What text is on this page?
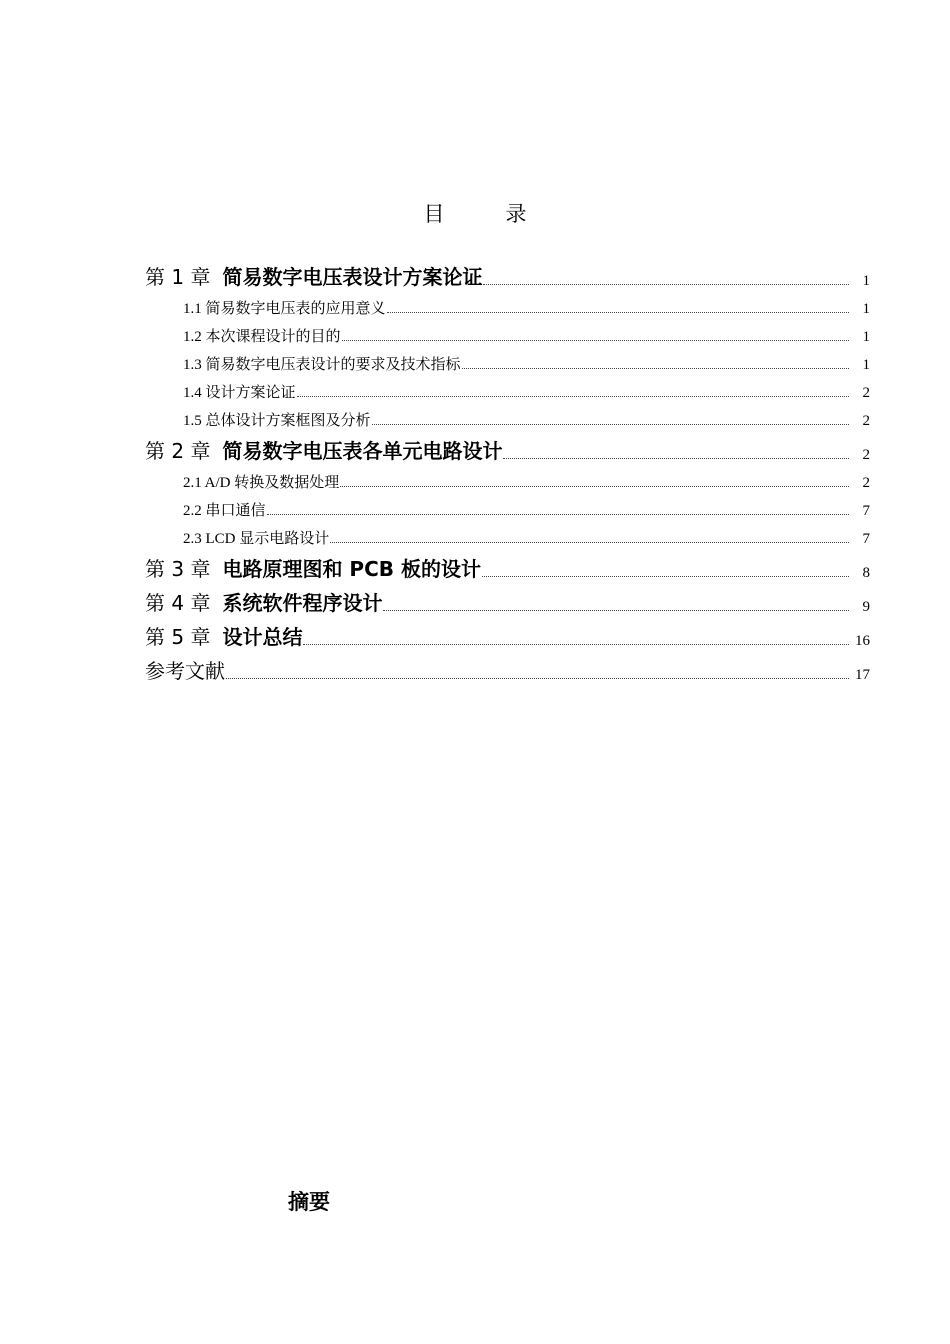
目　录
第 1 章 简易数字电压表设计方案论证	1
1.1 简易数字电压表的应用意义	1
1.2 本次课程设计的目的	1
1.3 简易数字电压表设计的要求及技术指标	1
1.4 设计方案论证	2
1.5 总体设计方案框图及分析	2
第 2 章 简易数字电压表各单元电路设计	2
2.1 A/D 转换及数据处理	2
2.2 串口通信	7
2.3 LCD 显示电路设计	7
第 3 章 电路原理图和 PCB 板的设计	8
第 4 章 系统软件程序设计	9
第 5 章 设计总结	16
参考文献	17
摘要
